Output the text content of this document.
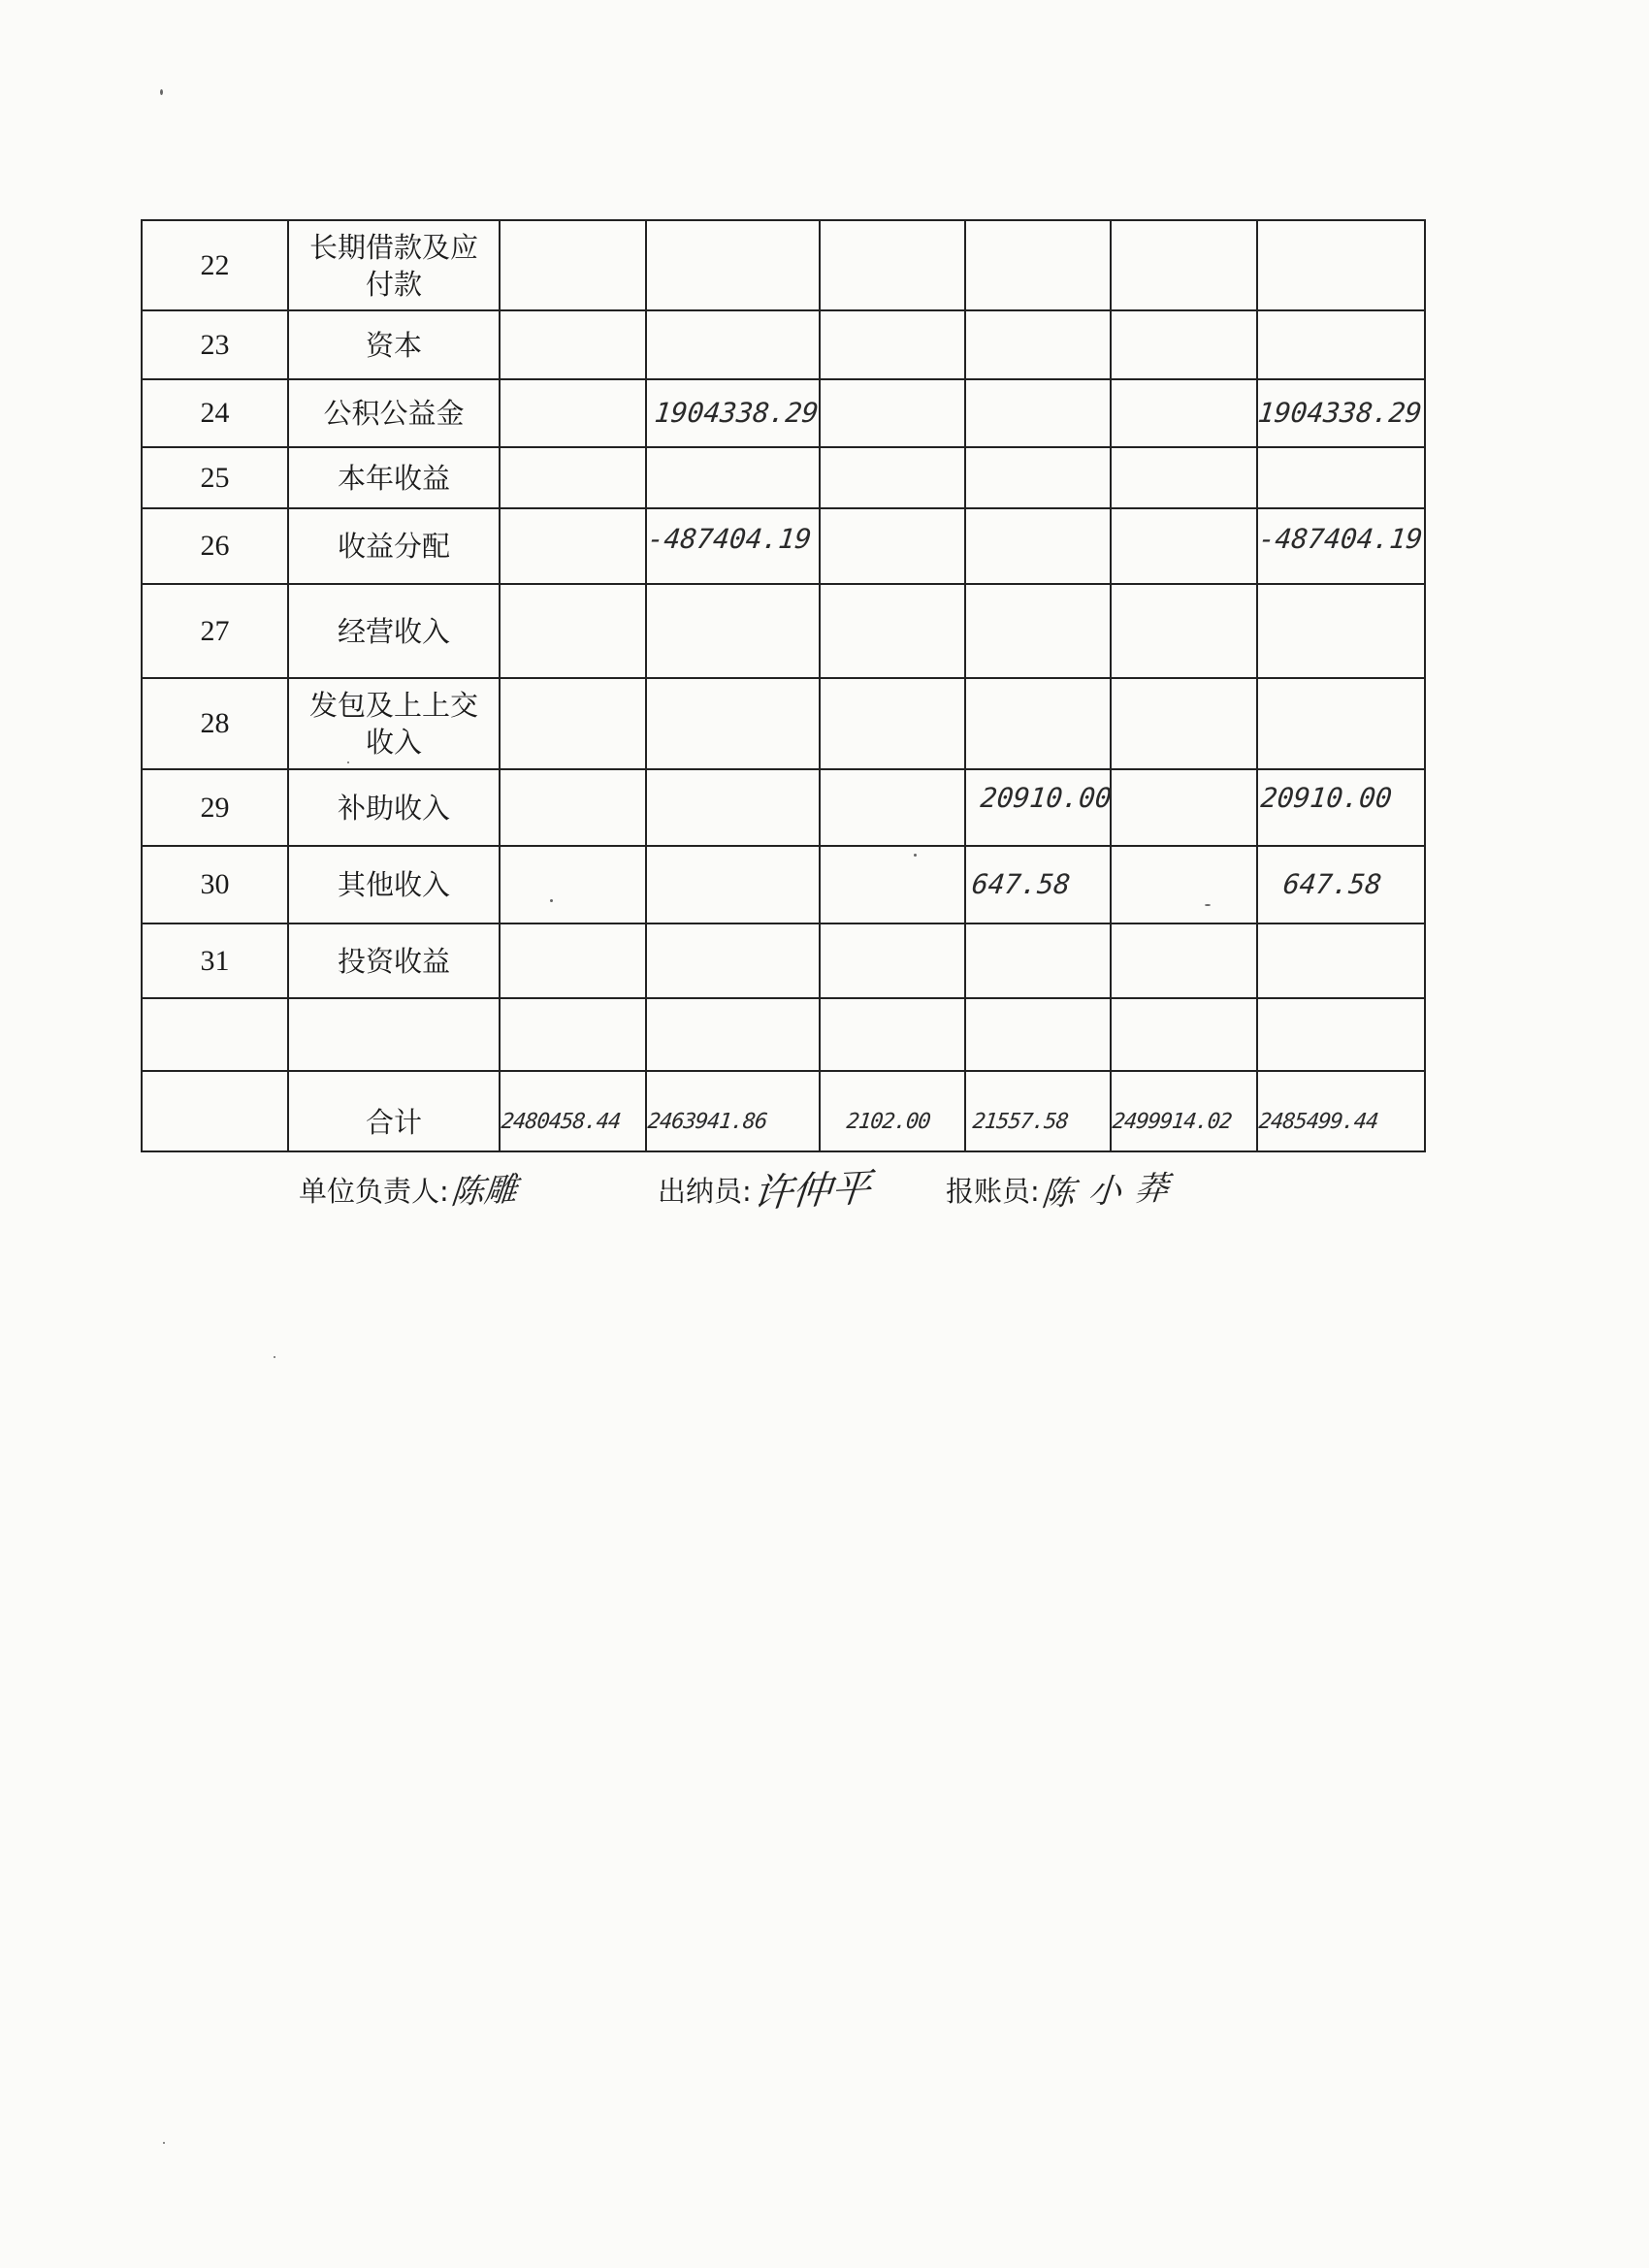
22	长期借款及应
付款						

23	资本						

24	公积公益金		1904338.29				1904338.29
25	本年收益						

26	收益分配		-487404.19				-487404.19
27	经营收入						

28	发包及上上交
收入						

29	补助收入				20910.00		20910.00
30	其他收入				647.58		647.58
31	投资收益						

	合计	2480458.44	2463941.86	2102.00	21557.58	2499914.02	2485499.44
单位负责人: 陈雕	出纳员: 许仲平	报账员: 陈小莽
